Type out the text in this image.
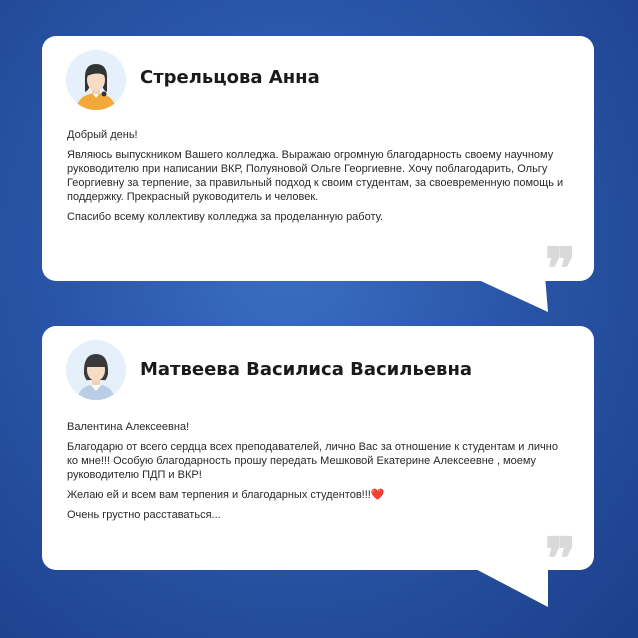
Стрельцова Анна

Добрый день!

Являюсь выпускником Вашего колледжа. Выражаю огромную благодарность своему научному руководителю при написании ВКР, Полуяновой Ольге Георгиевне. Хочу поблагодарить, Ольгу Георгиевну за терпение, за правильный подход к своим студентам, за своевременную помощь и поддержку. Прекрасный руководитель и человек.

Спасибо всему коллективу колледжа за проделанную работу.

❞
Матвеева Василиса Васильевна

Валентина Алексеевна!

Благодарю от всего сердца всех преподавателей, лично Вас за отношение к студентам и лично ко мне!!! Особую благодарность прошу передать Мешковой Екатерине Алексеевне , моему руководителю ПДП и ВКР!

Желаю ей и всем вам терпения и благодарных студентов!!!❤️

Очень грустно расставаться...

❞
